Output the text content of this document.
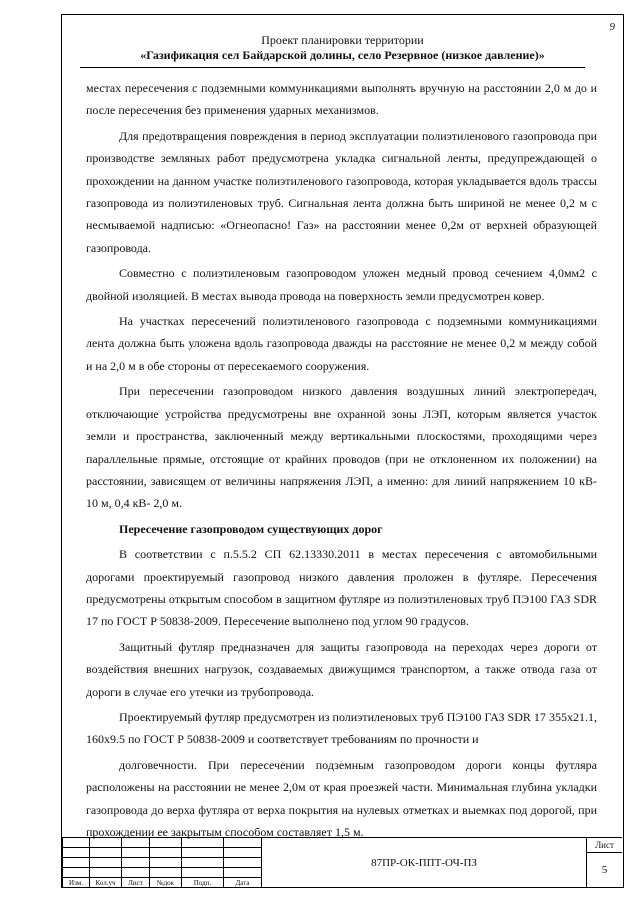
9
Проект планировки территории
«Газификация сел Байдарской долины, село Резервное (низкое давление)»

местах пересечения с подземными коммуникациями выполнять вручную на расстоянии 2,0 м до и после пересечения без применения ударных механизмов.

Для предотвращения повреждения в период эксплуатации полиэтиленового газопровода при производстве земляных работ предусмотрена укладка сигнальной ленты, предупреждающей о прохождении на данном участке полиэтиленового газопровода, которая укладывается вдоль трассы газопровода из полиэтиленовых труб. Сигнальная лента должна быть шириной не менее 0,2 м с несмываемой надписью: «Огнеопасно! Газ» на расстоянии менее 0,2м от верхней образующей газопровода.

Совместно с полиэтиленовым газопроводом уложен медный провод сечением 4,0мм2 с двойной изоляцией. В местах вывода провода на поверхность земли предусмотрен ковер.

На участках пересечений полиэтиленового газопровода с подземными коммуникациями лента должна быть уложена вдоль газопровода дважды на расстояние не менее 0,2 м между собой и на 2,0 м в обе стороны от пересекаемого сооружения.

При пересечении газопроводом низкого давления воздушных линий электропередач, отключающие устройства предусмотрены вне охранной зоны ЛЭП, которым является участок земли и пространства, заключенный между вертикальными плоскостями, проходящими через параллельные прямые, отстоящие от крайних проводов (при не отклоненном их положении) на расстоянии, зависящем от величины напряжения ЛЭП, а именно: для линий напряжением 10 кВ- 10 м, 0,4 кВ- 2,0 м.

Пересечение газопроводом существующих дорог

В соответствии с п.5.5.2 СП 62.13330.2011 в местах пересечения с автомобильными дорогами проектируемый газопровод низкого давления проложен в футляре. Пересечения предусмотрены открытым способом в защитном футляре из полиэтиленовых труб ПЭ100 ГАЗ SDR 17 по ГОСТ Р 50838-2009. Пересечение выполнено под углом 90 градусов.

Защитный футляр предназначен для защиты газопровода на переходах через дороги от воздействия внешних нагрузок, создаваемых движущимся транспортом, а также отвода газа от дороги в случае его утечки из трубопровода.

Проектируемый футляр предусмотрен из полиэтиленовых труб ПЭ100 ГАЗ SDR 17 355х21.1, 160х9.5 по ГОСТ Р 50838-2009 и соответствует требованиям по прочности и

долговечности. При пересечении подземным газопроводом дороги концы футляра расположены на расстоянии не менее 2,0м от края проезжей части. Минимальная глубина укладки газопровода до верха футляра от верха покрытия на нулевых отметках и выемках под дорогой, при прохождении ее закрытым способом составляет 1,5 м.

Изм.	Кол.уч	Лист	№док	Подп.	Дата
87ПР-ОК-ППТ-ОЧ-ПЗ
Лист
5
